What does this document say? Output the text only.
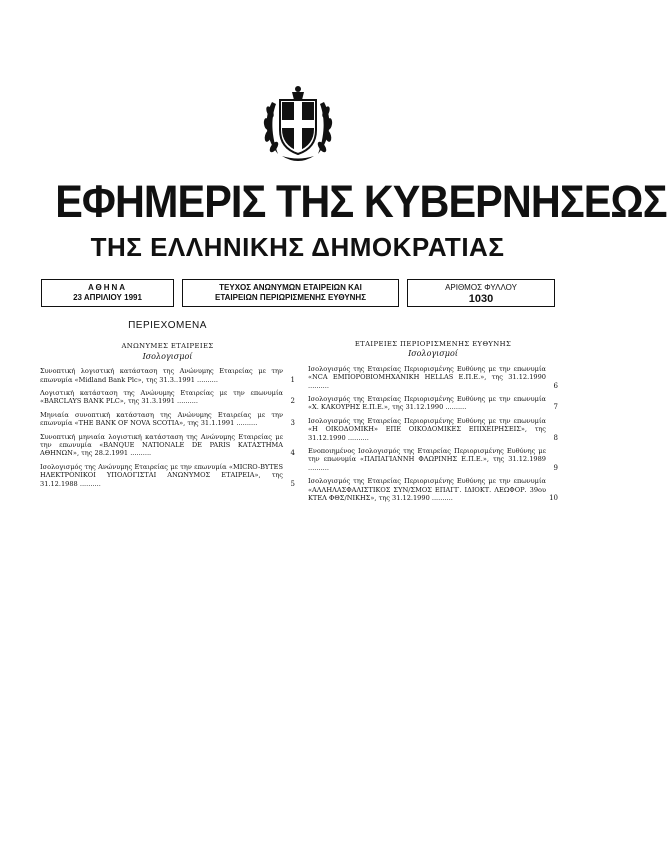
ΕΦΗΜΕΡΙΣ ΤΗΣ ΚΥΒΕΡΝΗΣΕΩΣ
ΤΗΣ ΕΛΛΗΝΙΚΗΣ ΔΗΜΟΚΡΑΤΙΑΣ
ΑΘΗΝΑ
23 ΑΠΡΙΛΙΟΥ 1991
ΤΕΥΧΟΣ ΑΝΩΝΥΜΩΝ ΕΤΑΙΡΕΙΩΝ ΚΑΙ
ΕΤΑΙΡΕΙΩΝ ΠΕΡΙΩΡΙΣΜΕΝΗΣ ΕΥΘΥΝΗΣ
ΑΡΙΘΜΟΣ ΦΥΛΛΟΥ
1030
ΠΕΡΙΕΧΟΜΕΝΑ
ΑΝΩΝΥΜΕΣ ΕΤΑΙΡΕΙΕΣ
Ισολογισμοί
Συνοπτική λογιστική κατάσταση της Ανώνυμης Εταιρείας με την επωνυμία «Midland Bank Plc», της 31.3..1991 ..........	1
Λογιστική κατάσταση της Ανώνυμης Εταιρείας με την επωνυμία «BARCLAYS BANK PLC», της 31.3.1991 ..........	2
Μηνιαία συνοπτική κατάσταση της Ανώνυμης Εταιρείας με την επωνυμία «THE BANK OF NOVA SCOTIA», της 31.1.1991 ..........	3
Συνοπτική μηνιαία λογιστική κατάσταση της Ανώνυμης Εταιρείας με την επωνυμία «BANQUE NATIONALE DE PARIS ΚΑΤΑΣΤΗΜΑ ΑΘΗΝΩΝ», της 28.2.1991 ..........	4
Ισολογισμός της Ανώνυμης Εταιρείας με την επωνυμία «MICRO-BYTES ΗΛΕΚΤΡΟΝΙΚΟΙ ΥΠΟΛΟΓΙΣΤΑΙ ΑΝΩΝΥΜΟΣ ΕΤΑΙΡΕΙΑ», της 31.12.1988 ..........	5
ΕΤΑΙΡΕΙΕΣ ΠΕΡΙΟΡΙΣΜΕΝΗΣ ΕΥΘΥΝΗΣ
Ισολογισμοί
Ισολογισμός της Εταιρείας Περιορισμένης Ευθύνης με την επωνυμία «NCA ΕΜΠΟΡΟΒΙΟΜΗΧΑΝΙΚΗ HELLAS Ε.Π.Ε.», της 31.12.1990 ..........	6
Ισολογισμός της Εταιρείας Περιορισμένης Ευθύνης με την επωνυμία «Χ. ΚΑΚΟΥΡΗΣ Ε.Π.Ε.», της 31.12.1990 ..........	7
Ισολογισμός της Εταιρείας Περιορισμένης Ευθύνης με την επωνυμία «Η ΟΙΚΟΔΟΜΙΚΗ» ΕΠΕ ΟΙΚΟΔΟΜΙΚΕΣ ΕΠΙΧΕΙΡΗΣΕΙΣ», της 31.12.1990 ..........	8
Ενοποιημένος Ισολογισμός της Εταιρείας Περιορισμένης Ευθύνης με την επωνυμία «ΠΑΠΑΓΙΑΝΝΗ ΦΛΩΡΙΝΗΣ Ε.Π.Ε.», της 31.12.1989 ..........	9
Ισολογισμός της Εταιρείας Περιορισμένης Ευθύνης με την επωνυμία «ΑΛΛΗΛΑΣΦΑΛΙΣΤΙΚΟΣ ΣΥΝ/ΣΜΟΣ ΕΠΑΓΓ. ΙΔΙΟΚΤ. ΛΕΩΦΟΡ. 39ου ΚΤΕΛ ΦΘΣ/ΝΙΚΗΣ», της 31.12.1990 ..........	10
